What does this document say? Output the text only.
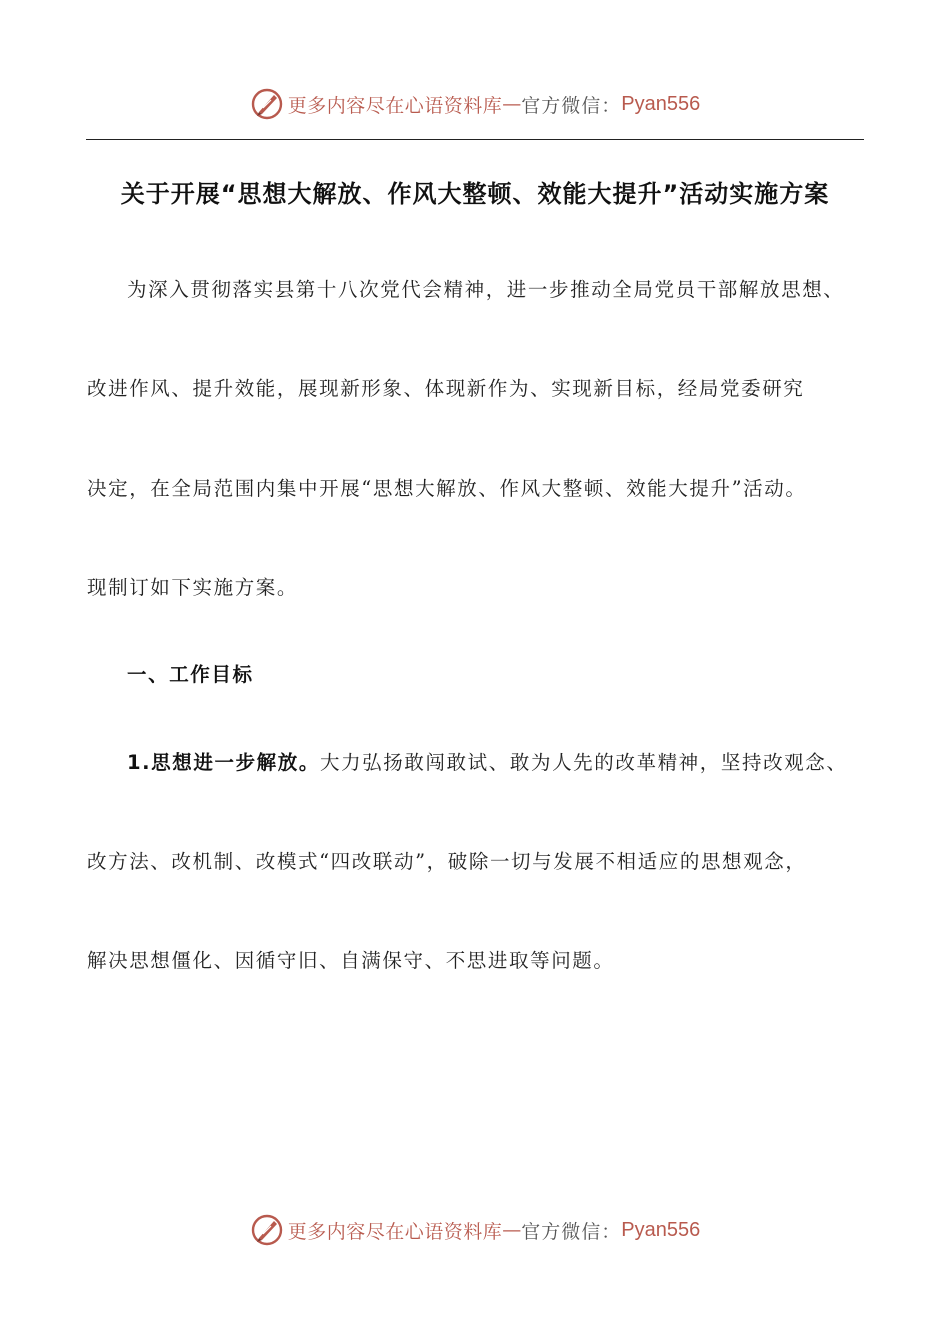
更多内容尽在心语资料库 — 官方微信： Pyan556
关于开展“思想大解放、作风大整顿、效能大提升”活动实施方案
为深入贯彻落实县第十八次党代会精神，进一步推动全局党员干部解放思想、
改进作风、提升效能，展现新形象、体现新作为、实现新目标，经局党委研究
决定，在全局范围内集中开展“思想大解放、作风大整顿、效能大提升”活动。
现制订如下实施方案。
一、工作目标
1.思想进一步解放。大力弘扬敢闯敢试、敢为人先的改革精神，坚持改观念、
改方法、改机制、改模式“四改联动”，破除一切与发展不相适应的思想观念，
解决思想僵化、因循守旧、自满保守、不思进取等问题。
更多内容尽在心语资料库 — 官方微信： Pyan556
